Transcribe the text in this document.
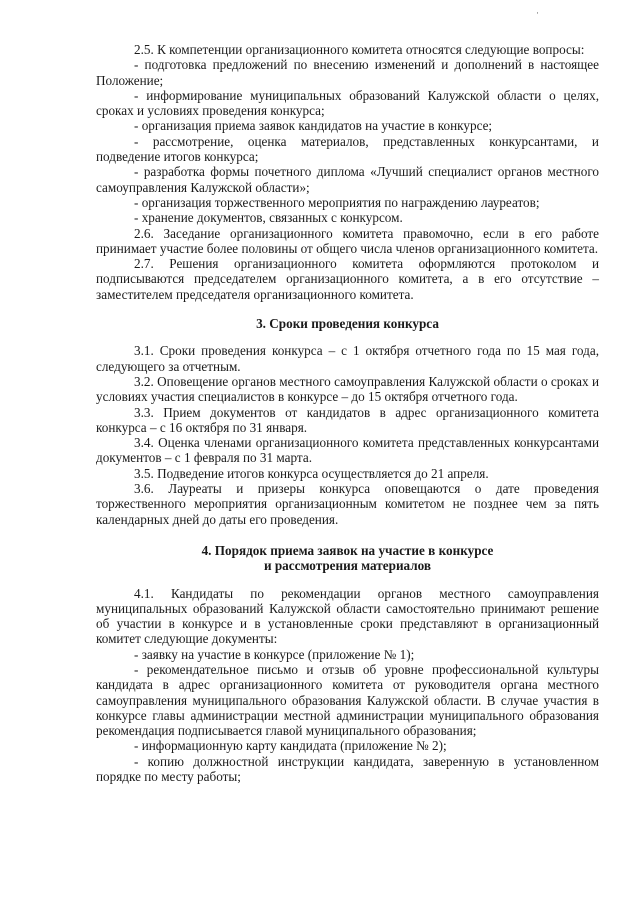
·

2.5. К компетенции организационного комитета относятся следующие вопросы:

- подготовка предложений по внесению изменений и дополнений в настоящее Положение;

- информирование муниципальных образований Калужской области о целях, сроках и условиях проведения конкурса;

- организация приема заявок кандидатов на участие в конкурсе;

- рассмотрение, оценка материалов, представленных конкурсантами, и подведение итогов конкурса;

- разработка формы почетного диплома «Лучший специалист органов местного самоуправления Калужской области»;

- организация торжественного мероприятия по награждению лауреатов;

- хранение документов, связанных с конкурсом.

2.6. Заседание организационного комитета правомочно, если в его работе принимает участие более половины от общего числа членов организационного комитета.

2.7. Решения организационного комитета оформляются протоколом и подписываются председателем организационного комитета, а в его отсутствие – заместителем председателя организационного комитета.

3. Сроки проведения конкурса

3.1. Сроки проведения конкурса – с 1 октября отчетного года по 15 мая года, следующего за отчетным.

3.2. Оповещение органов местного самоуправления Калужской области о сроках и условиях участия специалистов в конкурсе – до 15 октября отчетного года.

3.3. Прием документов от кандидатов в адрес организационного комитета конкурса – с 16 октября по 31 января.

3.4. Оценка членами организационного комитета представленных конкурсантами документов – с 1 февраля по 31 марта.

3.5. Подведение итогов конкурса осуществляется до 21 апреля.

3.6. Лауреаты и призеры конкурса оповещаются о дате проведения торжественного мероприятия организационным комитетом не позднее чем за пять календарных дней до даты его проведения.

4. Порядок приема заявок на участие в конкурсе

и рассмотрения материалов

4.1. Кандидаты по рекомендации органов местного самоуправления муниципальных образований Калужской области самостоятельно принимают решение об участии в конкурсе и в установленные сроки представляют в организационный комитет следующие документы:

- заявку на участие в конкурсе (приложение № 1);

- рекомендательное письмо и отзыв об уровне профессиональной культуры кандидата в адрес организационного комитета от руководителя органа местного самоуправления муниципального образования Калужской области. В случае участия в конкурсе главы администрации местной администрации муниципального образования рекомендация подписывается главой муниципального образования;

- информационную карту кандидата (приложение № 2);

- копию должностной инструкции кандидата, заверенную в установленном порядке по месту работы;
